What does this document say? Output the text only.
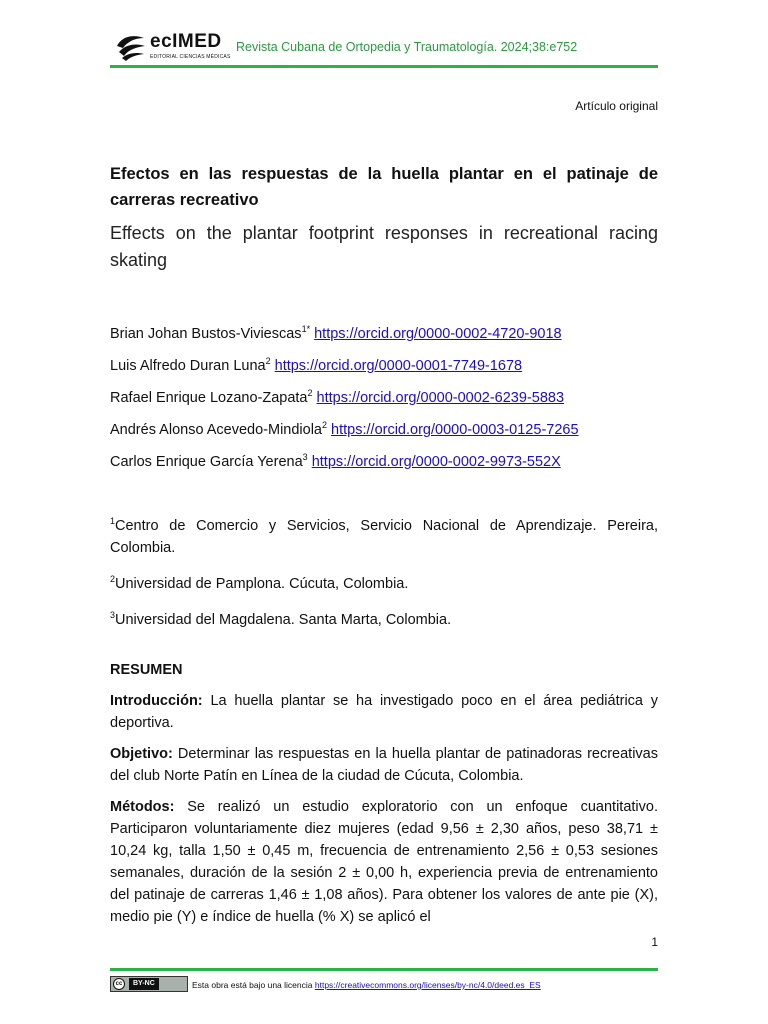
ecIMED
EDITORIAL CIENCIAS MÉDICAS
Revista Cubana de Ortopedia y Traumatología. 2024;38:e752
Artículo original
Efectos en las respuestas de la huella plantar en el patinaje de carreras recreativo
Effects on the plantar footprint responses in recreational racing skating
Brian Johan Bustos-Viviescas$^{1*}$ https://orcid.org/0000-0002-4720-9018
Luis Alfredo Duran Luna$^2$ https://orcid.org/0000-0001-7749-1678
Rafael Enrique Lozano-Zapata$^2$ https://orcid.org/0000-0002-6239-5883
Andrés Alonso Acevedo-Mindiola$^2$ https://orcid.org/0000-0003-0125-7265
Carlos Enrique García Yerena$^3$ https://orcid.org/0000-0002-9973-552X
$^1$Centro de Comercio y Servicios, Servicio Nacional de Aprendizaje. Pereira, Colombia.
$^2$Universidad de Pamplona. Cúcuta, Colombia.
$^3$Universidad del Magdalena. Santa Marta, Colombia.
RESUMEN
Introducción: La huella plantar se ha investigado poco en el área pediátrica y deportiva.
Objetivo: Determinar las respuestas en la huella plantar de patinadoras recreativas del club Norte Patín en Línea de la ciudad de Cúcuta, Colombia.
Métodos: Se realizó un estudio exploratorio con un enfoque cuantitativo. Participaron voluntariamente diez mujeres (edad 9,56 ± 2,30 años, peso 38,71 ± 10,24 kg, talla 1,50 ± 0,45 m, frecuencia de entrenamiento 2,56 ± 0,53 sesiones semanales, duración de la sesión 2 ± 0,00 h, experiencia previa de entrenamiento del patinaje de carreras 1,46 ± 1,08 años). Para obtener los valores de ante pie (X), medio pie (Y) e índice de huella (% X) se aplicó el
1
cc	BY-NC	Esta obra está bajo una licencia https://creativecommons.org/licenses/by-nc/4.0/deed.es_ES
